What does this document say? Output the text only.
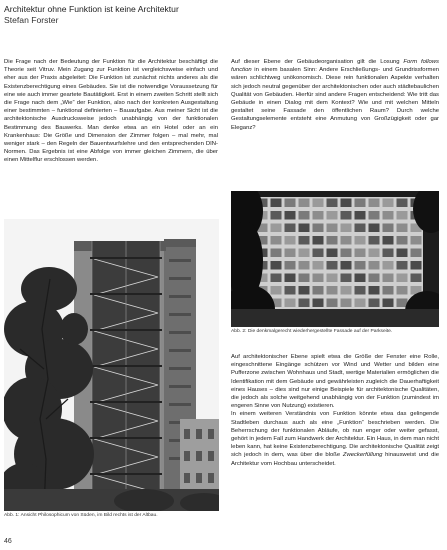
Architektur ohne Funktion ist keine Architektur
Stefan Forster

Die Frage nach der Bedeutung der Funktion für die Architektur beschäftigt die Theorie seit Vitruv. Mein Zugang zur Funktion ist vergleichsweise einfach und eher aus der Praxis abgeleitet: Die Funktion ist zunächst nichts anderes als die Existenzberechtigung eines Gebäudes. Sie ist die notwendige Voraussetzung für eine wie auch immer geartete Bautätigkeit. Erst in einem zweiten Schritt stellt sich die Frage nach dem „Wie“ der Funktion, also nach der konkreten Ausgestaltung einer bestimmten – funktional definierten – Bauaufgabe. Aus meiner Sicht ist die architektonische Ausdrucksweise jedoch unabhängig von der funktionalen Bestimmung des Bauwerks. Man denke etwa an ein Hotel oder an ein Krankenhaus: Die Größe und Dimension der Zimmer folgen – mal mehr, mal weniger stark – den Regeln der Bauentwurfslehre und den entsprechenden DIN-Normen. Das Ergebnis ist eine Abfolge von immer gleichen Zimmern, die über einen Mittelflur erschlossen werden.

Auf dieser Ebene der Gebäudeorganisation gilt die Losung Form follows function in einem basalen Sinn: Andere Erschließungs- und Grundrissformen wären schlichtweg unökonomisch. Diese rein funktionalen Aspekte verhalten sich jedoch neutral gegenüber der architektonischen oder auch städtebaulichen Qualität von Gebäuden. Hierfür sind andere Fragen entscheidend: Wie tritt das Gebäude in einen Dialog mit dem Kontext? Wie und mit welchen Mitteln gestaltet seine Fassade den öffentlichen Raum? Durch welche Gestaltungselemente entsteht eine Anmutung von Großzügigkeit oder gar Eleganz?

Abb. 1: Ansicht Philosophicum von Süden, im Bild rechts ist der Altbau.
Abb. 2: Die denkmalgerecht wiederhergestellte Fassade auf der Parkseite.

Auf architektonischer Ebene spielt etwa die Größe der Fenster eine Rolle, eingeschnittene Eingänge schützen vor Wind und Wetter und bilden eine Pufferzone zwischen Wohnhaus und Stadt, wertige Materialien ermöglichen die Identifikation mit dem Gebäude und gewährleisten zugleich die Dauerhaftigkeit eines Hauses – dies sind nur einige Beispiele für architektonische Qualitäten, die jedoch als solche weitgehend unabhängig von der Funktion (zumindest im engeren Sinne von Nutzung) existieren.

In einem weiteren Verständnis von Funktion könnte etwa das gelingende Stadtleben durchaus auch als eine „Funktion“ beschrieben werden. Die Beherrschung der funktionalen Abläufe, ob nun enger oder weiter gefasst, gehört in jedem Fall zum Handwerk der Architektur. Ein Haus, in dem man nicht leben kann, hat keine Existenzberechtigung. Die architektonische Qualität zeigt sich jedoch in dem, was über die bloße Zweckerfüllung hinausweist und die Architektur vom Hochbau unterscheidet.

46
